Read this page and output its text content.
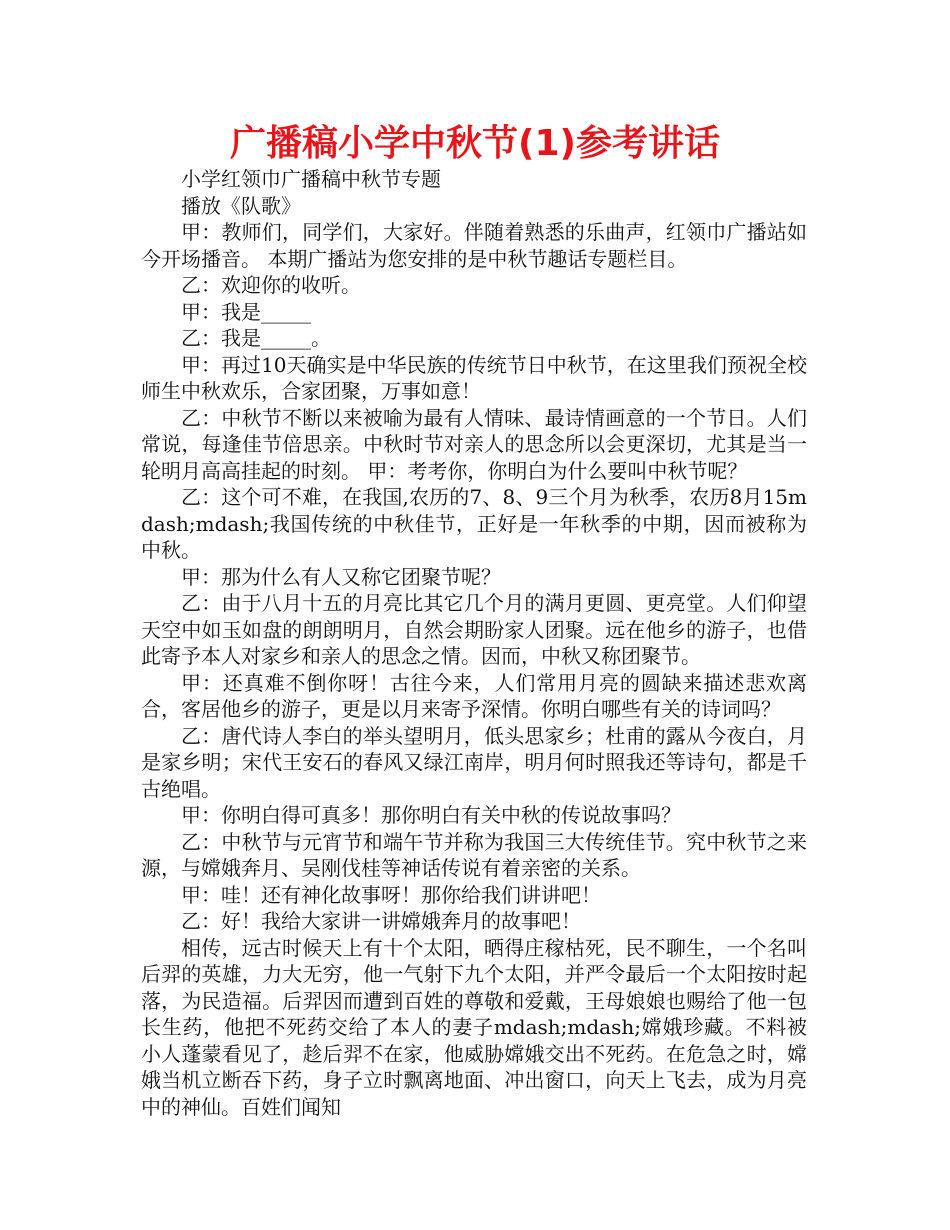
广播稿小学中秋节(1)参考讲话

小学红领巾广播稿中秋节专题

播放《队歌》

甲：教师们，同学们，大家好。伴随着熟悉的乐曲声，红领巾广播站如今开场播音。 本期广播站为您安排的是中秋节趣话专题栏目。

乙：欢迎你的收听。

甲：我是_____

乙：我是_____。

甲：再过10天确实是中华民族的传统节日中秋节，在这里我们预祝全校师生中秋欢乐，合家团聚，万事如意！

乙：中秋节不断以来被喻为最有人情味、最诗情画意的一个节日。人们常说，每逢佳节倍思亲。中秋时节对亲人的思念所以会更深切，尤其是当一轮明月高高挂起的时刻。 甲：考考你，你明白为什么要叫中秋节呢？

乙：这个可不难，在我国,农历的7、8、9三个月为秋季，农历8月15mdash;mdash;我国传统的中秋佳节，正好是一年秋季的中期，因而被称为中秋。

甲：那为什么有人又称它团聚节呢？

乙：由于八月十五的月亮比其它几个月的满月更圆、更亮堂。人们仰望天空中如玉如盘的朗朗明月，自然会期盼家人团聚。远在他乡的游子，也借此寄予本人对家乡和亲人的思念之情。因而，中秋又称团聚节。

甲：还真难不倒你呀！古往今来，人们常用月亮的圆缺来描述悲欢离合，客居他乡的游子，更是以月来寄予深情。你明白哪些有关的诗词吗？

乙：唐代诗人李白的举头望明月，低头思家乡；杜甫的露从今夜白，月是家乡明；宋代王安石的春风又绿江南岸，明月何时照我还等诗句，都是千古绝唱。

甲：你明白得可真多！那你明白有关中秋的传说故事吗？

乙：中秋节与元宵节和端午节并称为我国三大传统佳节。究中秋节之来源，与嫦娥奔月、吴刚伐桂等神话传说有着亲密的关系。

甲：哇！还有神化故事呀！那你给我们讲讲吧！

乙：好！我给大家讲一讲嫦娥奔月的故事吧！

相传，远古时候天上有十个太阳，晒得庄稼枯死，民不聊生，一个名叫后羿的英雄，力大无穷，他一气射下九个太阳，并严令最后一个太阳按时起落，为民造福。后羿因而遭到百姓的尊敬和爱戴，王母娘娘也赐给了他一包长生药，他把不死药交给了本人的妻子mdash;mdash;嫦娥珍藏。不料被小人蓬蒙看见了，趁后羿不在家，他威胁嫦娥交出不死药。在危急之时，嫦娥当机立断吞下药，身子立时飘离地面、冲出窗口，向天上飞去，成为月亮中的神仙。百姓们闻知
